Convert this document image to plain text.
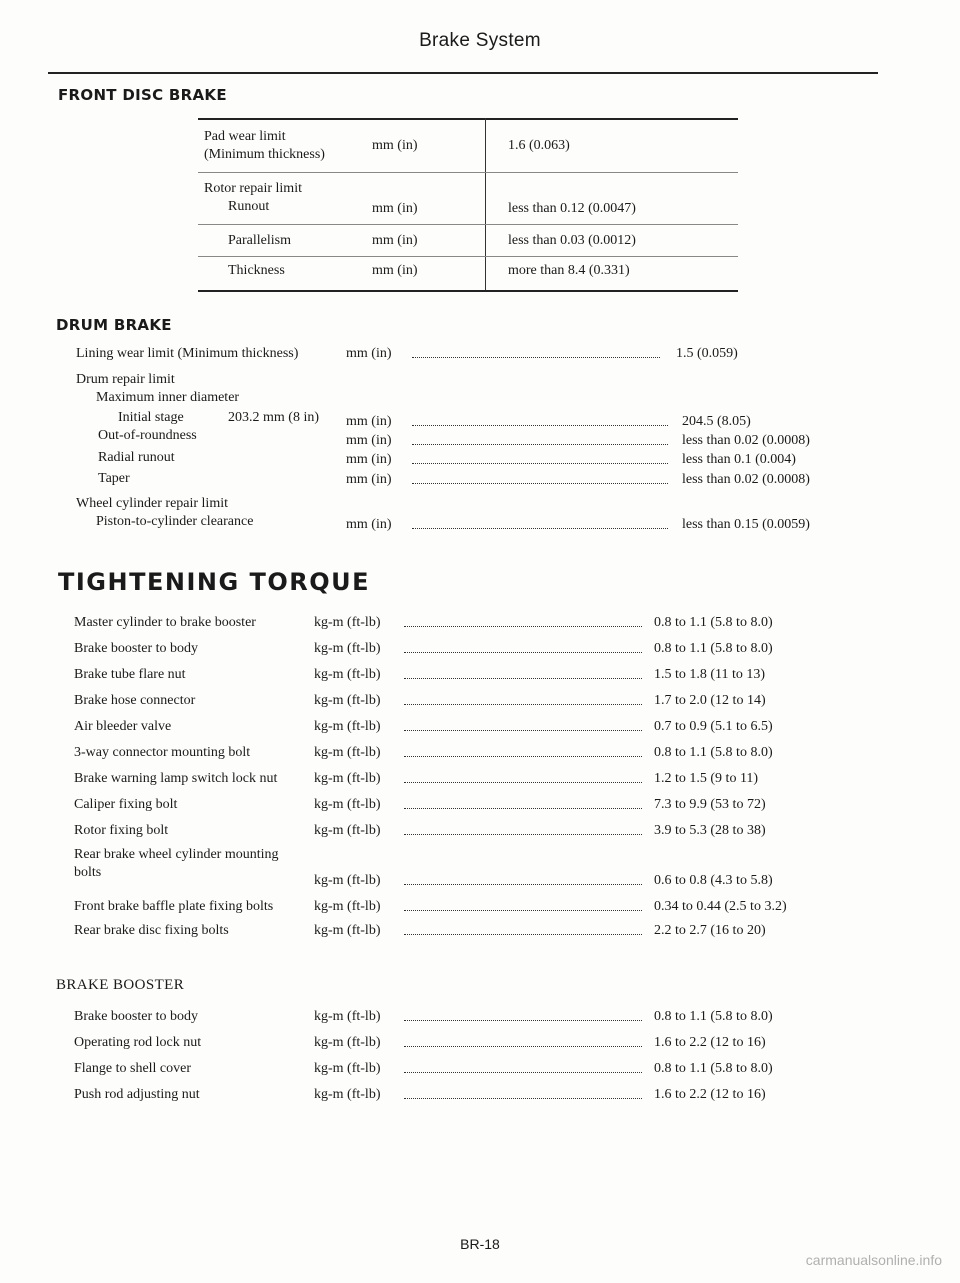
Brake System
FRONT DISC BRAKE
Pad wear limit
(Minimum thickness)
mm (in)	1.6 (0.063)
Rotor repair limit
Runout	mm (in)	less than 0.12 (0.0047)
Parallelism	mm (in)	less than 0.03 (0.0012)
Thickness	mm (in)	more than 8.4 (0.331)
DRUM BRAKE
Lining wear limit (Minimum thickness)	mm (in)	1.5 (0.059)
Drum repair limit
Maximum inner diameter
Initial stage	203.2 mm (8 in) mm (in)	204.5 (8.05)
Out-of-roundness	mm (in)	less than 0.02 (0.0008)
Radial runout	mm (in)	less than 0.1 (0.004)
Taper	mm (in)	less than 0.02 (0.0008)
Wheel cylinder repair limit
Piston-to-cylinder clearance	mm (in)	less than 0.15 (0.0059)
TIGHTENING TORQUE
Master cylinder to brake booster	kg-m (ft-lb)	0.8 to 1.1 (5.8 to 8.0)
Brake booster to body	kg-m (ft-lb)	0.8 to 1.1 (5.8 to 8.0)
Brake tube flare nut	kg-m (ft-lb)	1.5 to 1.8 (11 to 13)
Brake hose connector	kg-m (ft-lb)	1.7 to 2.0 (12 to 14)
Air bleeder valve	kg-m (ft-lb)	0.7 to 0.9 (5.1 to 6.5)
3-way connector mounting bolt	kg-m (ft-lb)	0.8 to 1.1 (5.8 to 8.0)
Brake warning lamp switch lock nut	kg-m (ft-lb)	1.2 to 1.5 (9 to 11)
Caliper fixing bolt	kg-m (ft-lb)	7.3 to 9.9 (53 to 72)
Rotor fixing bolt	kg-m (ft-lb)	3.9 to 5.3 (28 to 38)
Rear brake wheel cylinder mounting
bolts
kg-m (ft-lb)	0.6 to 0.8 (4.3 to 5.8)
Front brake baffle plate fixing bolts	kg-m (ft-lb)	0.34 to 0.44 (2.5 to 3.2)
Rear brake disc fixing bolts	kg-m (ft-lb)	2.2 to 2.7 (16 to 20)
BRAKE BOOSTER
Brake booster to body	kg-m (ft-lb)	0.8 to 1.1 (5.8 to 8.0)
Operating rod lock nut	kg-m (ft-lb)	1.6 to 2.2 (12 to 16)
Flange to shell cover	kg-m (ft-lb)	0.8 to 1.1 (5.8 to 8.0)
Push rod adjusting nut	kg-m (ft-lb)	1.6 to 2.2 (12 to 16)
BR-18
carmanualsonline.info
